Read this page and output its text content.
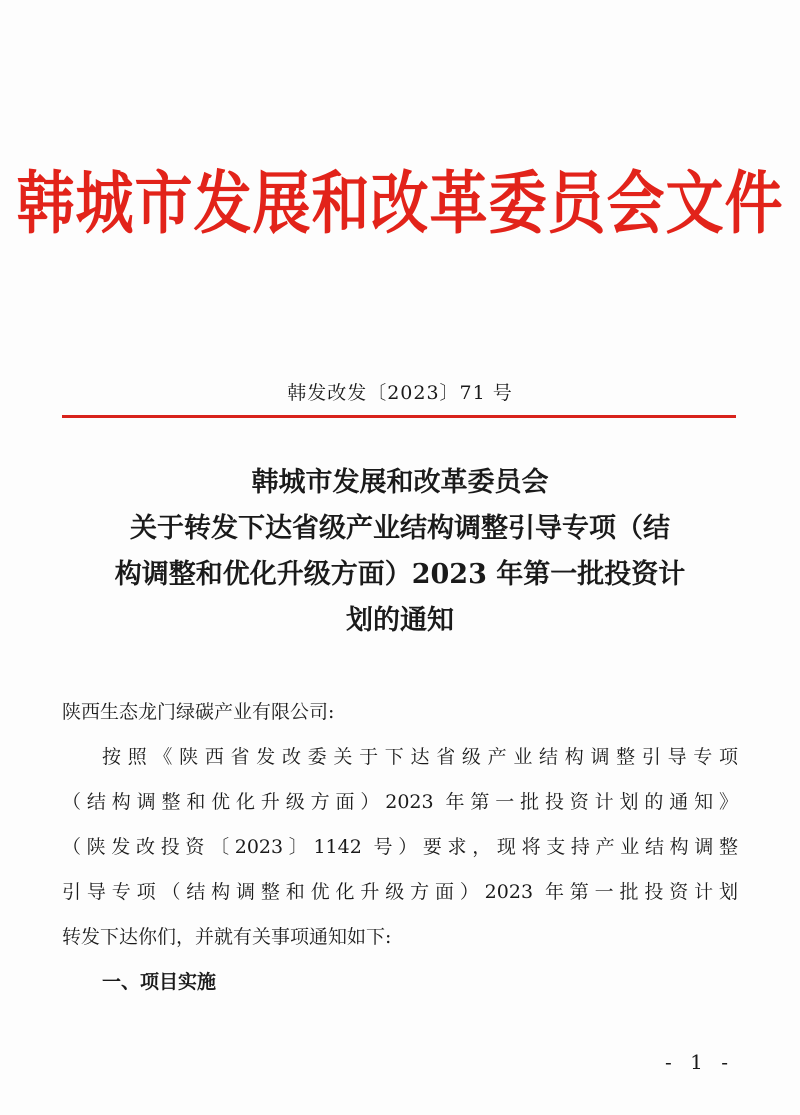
韩城市发展和改革委员会文件
韩发改发〔2023〕71 号
韩城市发展和改革委员会
关于转发下达省级产业结构调整引导专项（结
构调整和优化升级方面）2023 年第一批投资计
划的通知
陕西生态龙门绿碳产业有限公司:
按照《陕西省发改委关于下达省级产业结构调整引导专项
（结构调整和优化升级方面）2023 年第一批投资计划的通知》
（陕发改投资〔2023〕1142 号）要求，现将支持产业结构调整
引导专项（结构调整和优化升级方面）2023 年第一批投资计划
转发下达你们，并就有关事项通知如下:
一、项目实施
- 1 -
